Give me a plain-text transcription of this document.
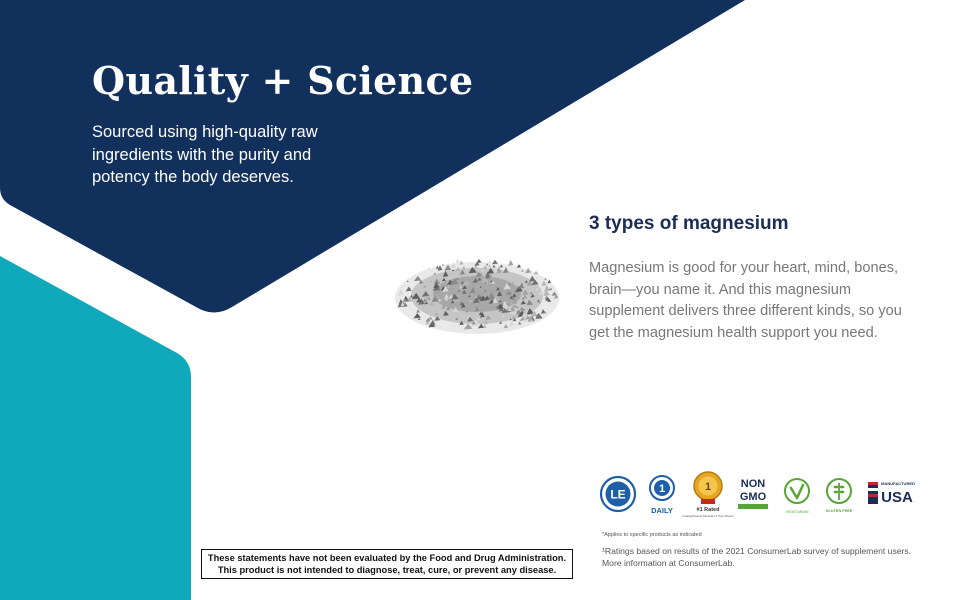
Quality + Science

Sourced using high-quality raw ingredients with the purity and potency the body deserves.

3 types of magnesium

Magnesium is good for your heart, mind, bones, brain—you name it. And this magnesium supplement delivers three different kinds, so you get the magnesium health support you need.

LE	1
DAILY
1
#1 Rated
Catalog/Internet Merchant 4 Time Winner
NON
GMO
VEGETARIAN	GLUTEN FREE
MANUFACTURED
USA

*Applies to specific products as indicated

¹Ratings based on results of the 2021 ConsumerLab survey of supplement users. More information at ConsumerLab.

These statements have not been evaluated by the Food and Drug Administration.
This product is not intended to diagnose, treat, cure, or prevent any disease.
